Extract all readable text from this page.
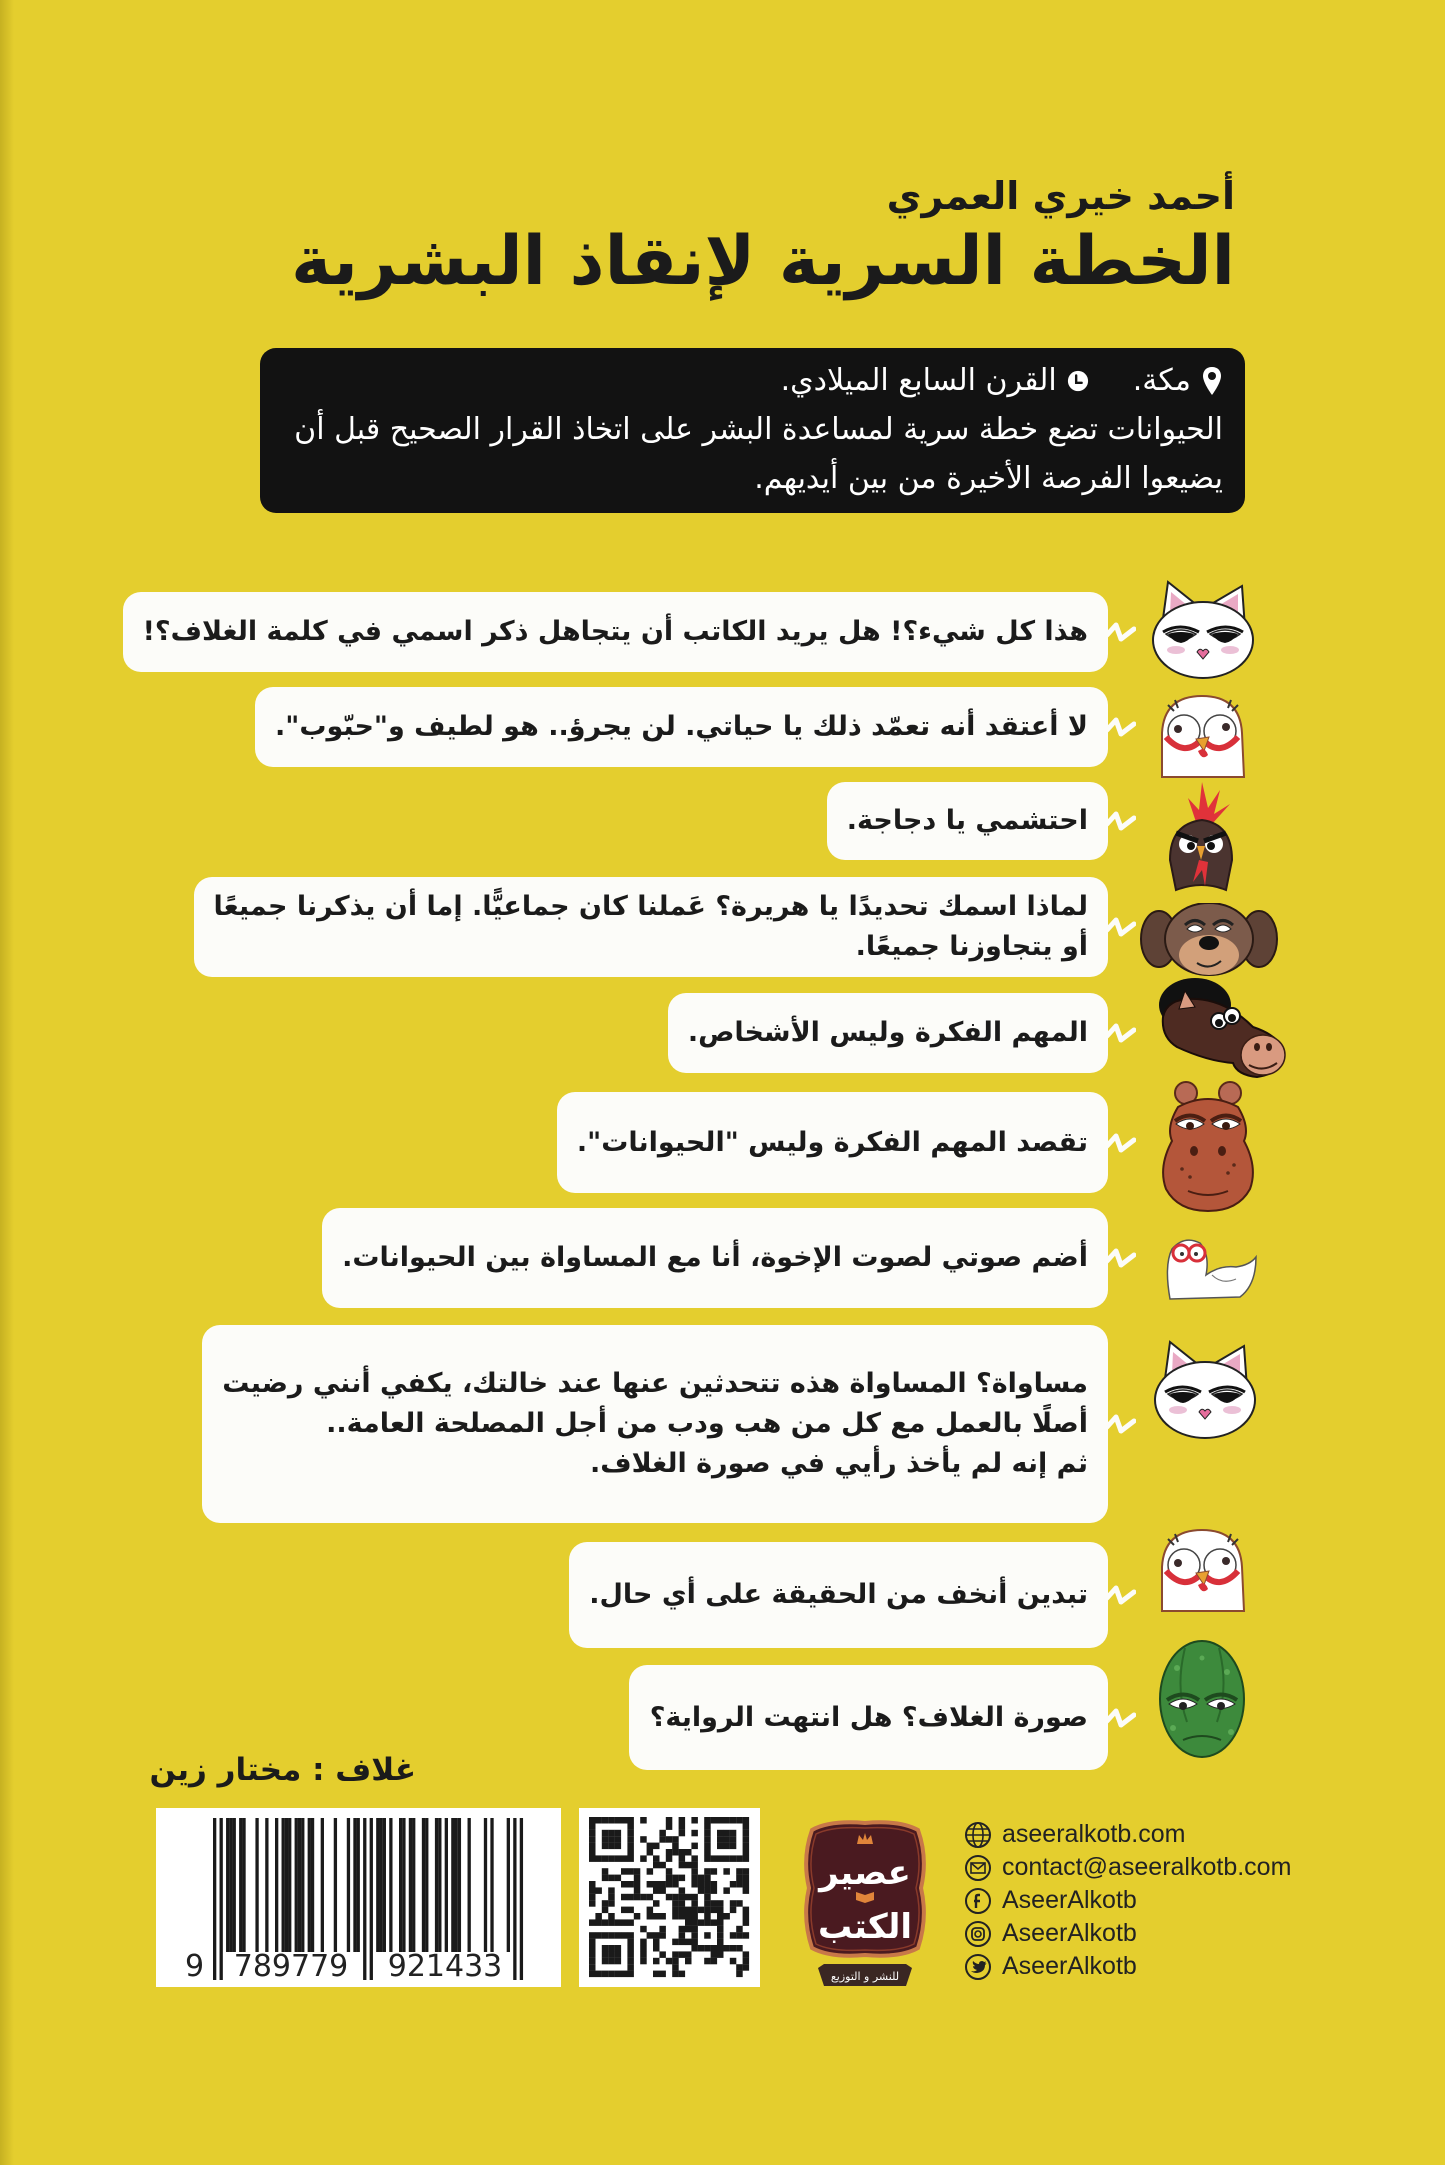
أحمد خيري العمري
الخطة السرية لإنقاذ البشرية
مكة.
القرن السابع الميلادي.
الحيوانات تضع خطة سرية لمساعدة البشر على اتخاذ القرار الصحيح قبل أن
يضيعوا الفرصة الأخيرة من بين أيديهم.
هذا كل شيء؟! هل يريد الكاتب أن يتجاهل ذكر اسمي في كلمة الغلاف؟!
لا أعتقد أنه تعمّد ذلك يا حياتي. لن يجرؤ.. هو لطيف و"حبّوب".
احتشمي يا دجاجة.
لماذا اسمك تحديدًا يا هريرة؟ عَملنا كان جماعيًّا. إما أن يذكرنا جميعًا
أو يتجاوزنا جميعًا.
المهم الفكرة وليس الأشخاص.
تقصد المهم الفكرة وليس "الحيوانات".
أضم صوتي لصوت الإخوة، أنا مع المساواة بين الحيوانات.
مساواة؟ المساواة هذه تتحدثين عنها عند خالتك، يكفي أنني رضيت
أصلًا بالعمل مع كل من هب ودب من أجل المصلحة العامة..
ثم إنه لم يأخذ رأيي في صورة الغلاف.
تبدين أنخف من الحقيقة على أي حال.
صورة الغلاف؟ هل انتهت الرواية؟
غلاف : مختار زين
9 789779 921433
عصير
الكتب
للنشر و التوزيع
aseeralkotb.com
contact@aseeralkotb.com
AseerAlkotb
AseerAlkotb
AseerAlkotb
